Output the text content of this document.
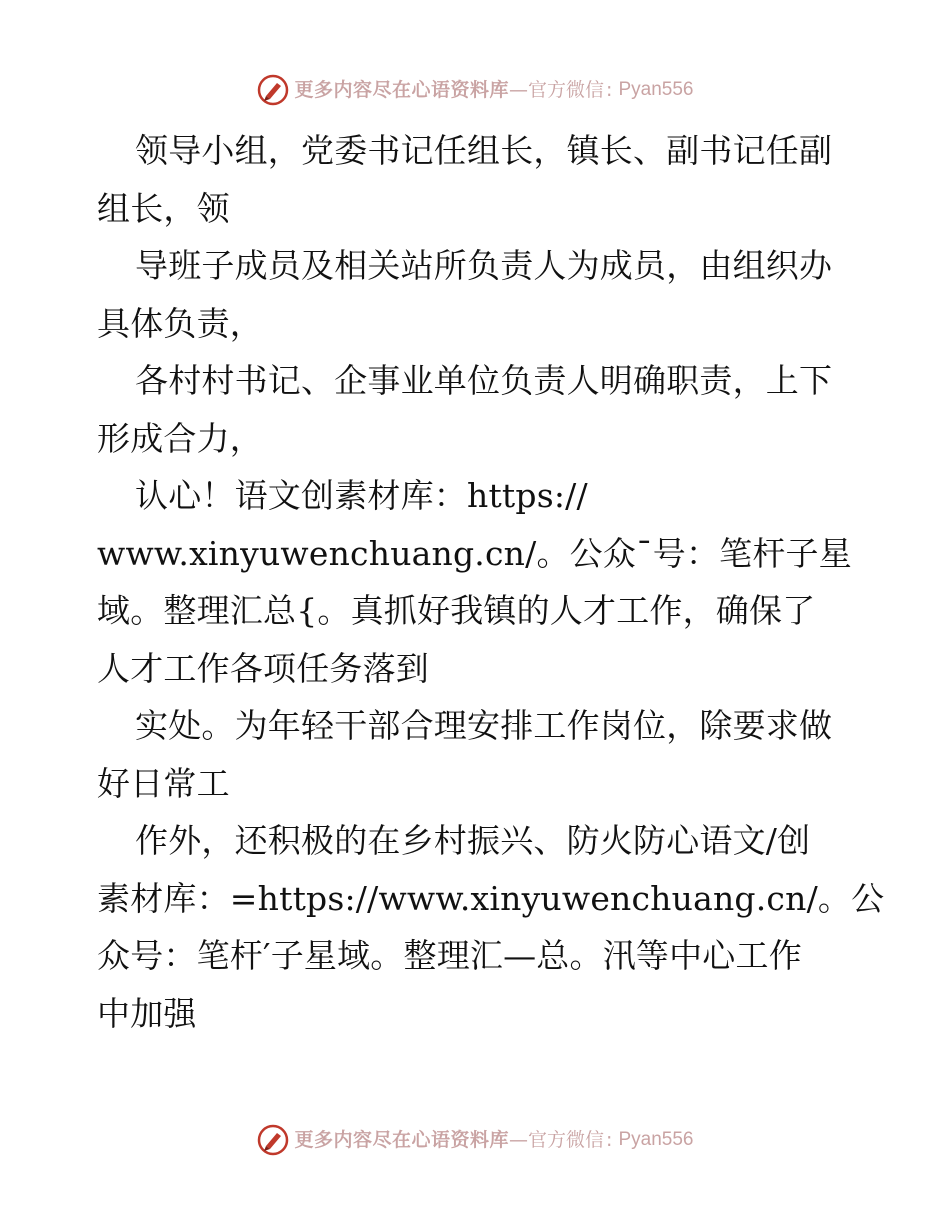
更多内容尽在心语资料库 — 官方微信 : Pyan556
领导小组，党委书记任组长，镇长、副书记任副
组长，领
导班子成员及相关站所负责人为成员，由组织办
具体负责，
各村村书记、企事业单位负责人明确职责，上下
形成合力，
认心！语文创素材库：https://
www.xinyuwenchuang.cn/。公众¯号：笔杆子星
域。整理汇总{。真抓好我镇的人才工作，确保了
人才工作各项任务落到
实处。为年轻干部合理安排工作岗位，除要求做
好日常工
作外，还积极的在乡村振兴、防火防心语文/创
素材库：=https://www.xinyuwenchuang.cn/。公
众号：笔杆′子星域。整理汇—总。汛等中心工作
中加强
更多内容尽在心语资料库 — 官方微信 : Pyan556
